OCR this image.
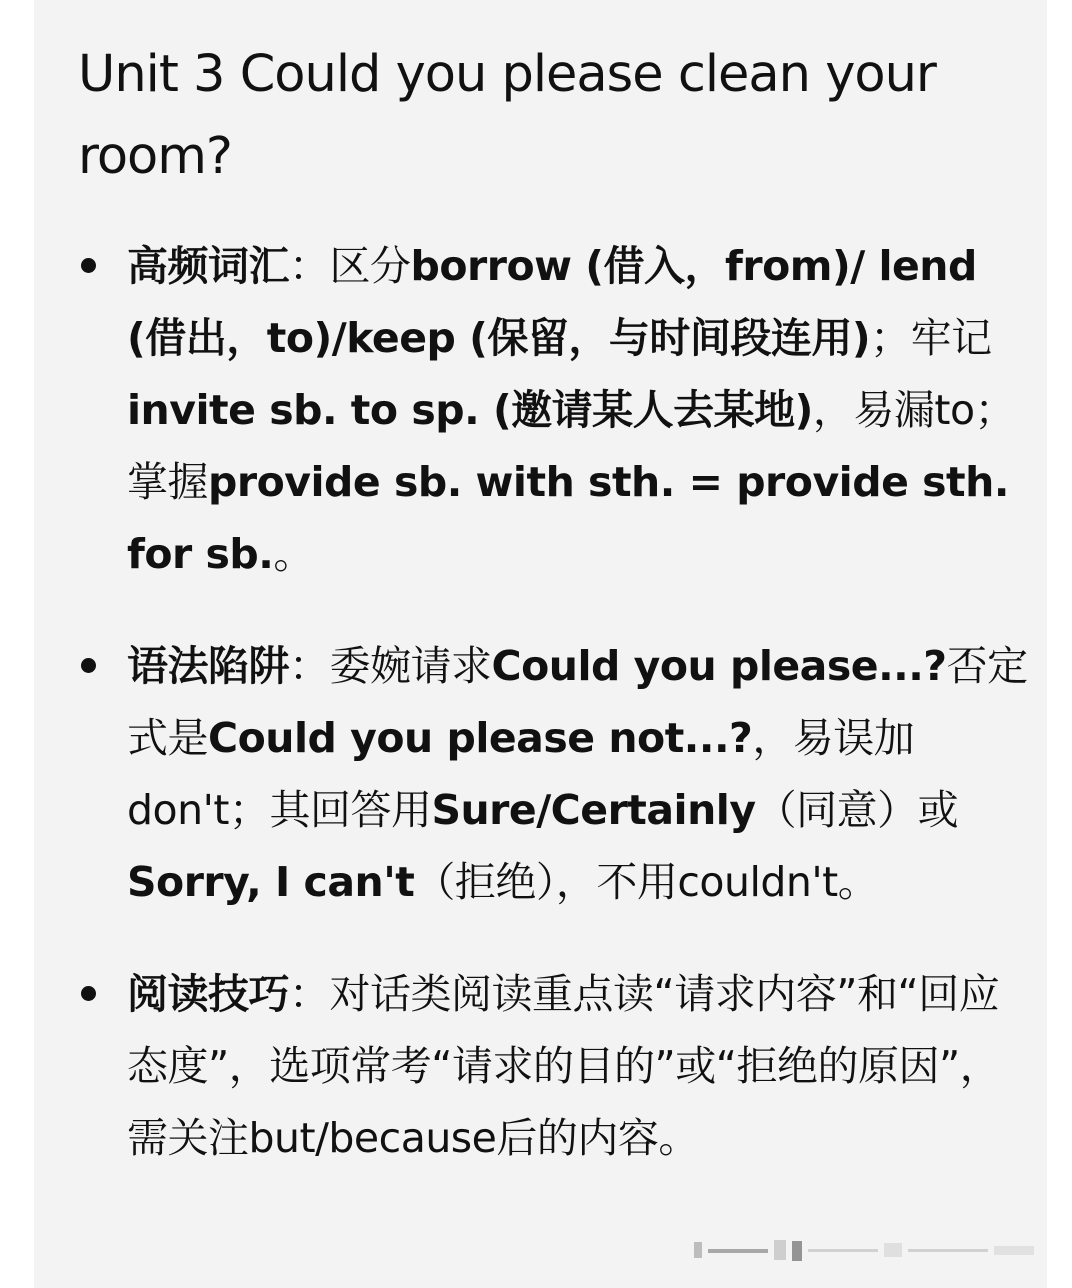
Unit 3 Could you please clean your room?
高频词汇：区分borrow (借入，from)/ lend (借出，to)/keep (保留，与时间段连用)；牢记invite sb. to sp. (邀请某人去某地)，易漏to；掌握provide sb. with sth. = provide sth. for sb.。
语法陷阱：委婉请求Could you please...?否定式是Could you please not...?，易误加don't；其回答用Sure/Certainly（同意）或Sorry, I can't（拒绝），不用couldn't。
阅读技巧：对话类阅读重点读“请求内容”和“回应态度”，选项常考“请求的目的”或“拒绝的原因”，需关注but/because后的内容。
